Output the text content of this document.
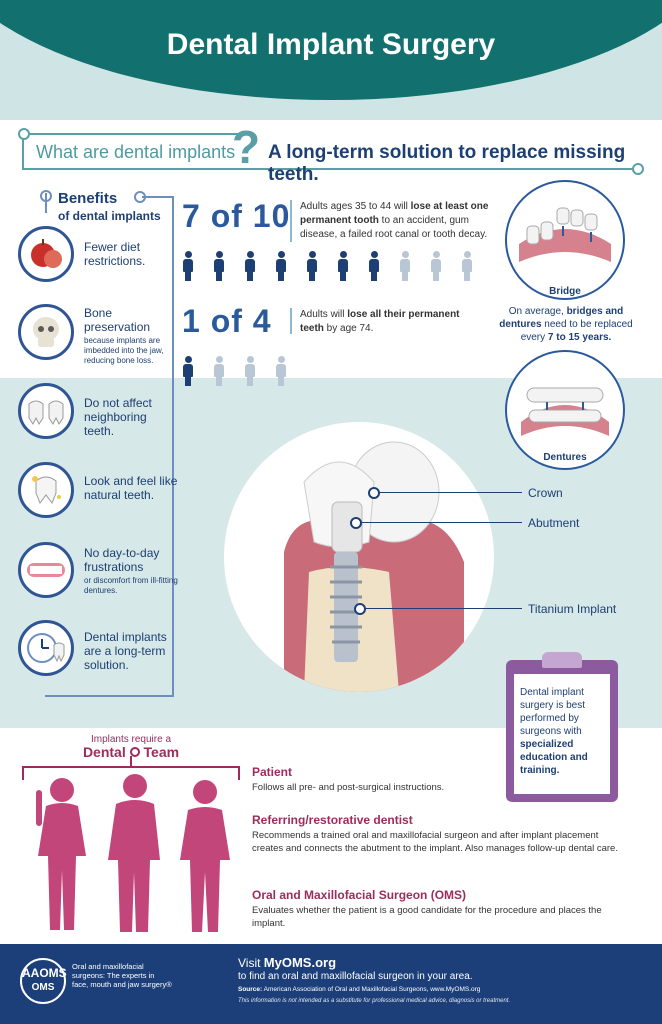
Dental Implant Surgery
What are dental implants
? A long-term solution to replace missing teeth.
Benefits
of dental implants
Fewer diet restrictions.
Bone preservation
because implants are imbedded into the jaw, reducing bone loss.
Do not affect neighboring teeth.
Look and feel like natural teeth.
No day-to-day frustrations
or discomfort from ill-fitting dentures.
Dental implants are a long-term solution.
7 of 10 Adults ages 35 to 44 will lose at least one permanent tooth to an accident, gum disease, a failed root canal or tooth decay.
1 of 4	Adults will lose all their permanent teeth by age 74.
Bridge
On average, bridges and dentures need to be replaced every 7 to 15 years.
Dentures
Crown
Abutment
Titanium Implant
Dental implant surgery is best performed by surgeons with specialized education and training.
Implants require a
Dental Team
Patient
Follows all pre- and post-surgical instructions.
Referring/restorative dentist
Recommends a trained oral and maxillofacial surgeon and after implant placement creates and connects the abutment to the implant. Also manages follow-up dental care.
Oral and Maxillofacial Surgeon (OMS)
Evaluates whether the patient is a good candidate for the procedure and places the implant.
AAOMS
OMS
Oral and maxillofacial surgeons: The experts in face, mouth and jaw surgery®
Visit MyOMS.org
to find an oral and maxillofacial surgeon in your area.
Source: American Association of Oral and Maxillofacial Surgeons, www.MyOMS.org
This information is not intended as a substitute for professional medical advice, diagnosis or treatment.
